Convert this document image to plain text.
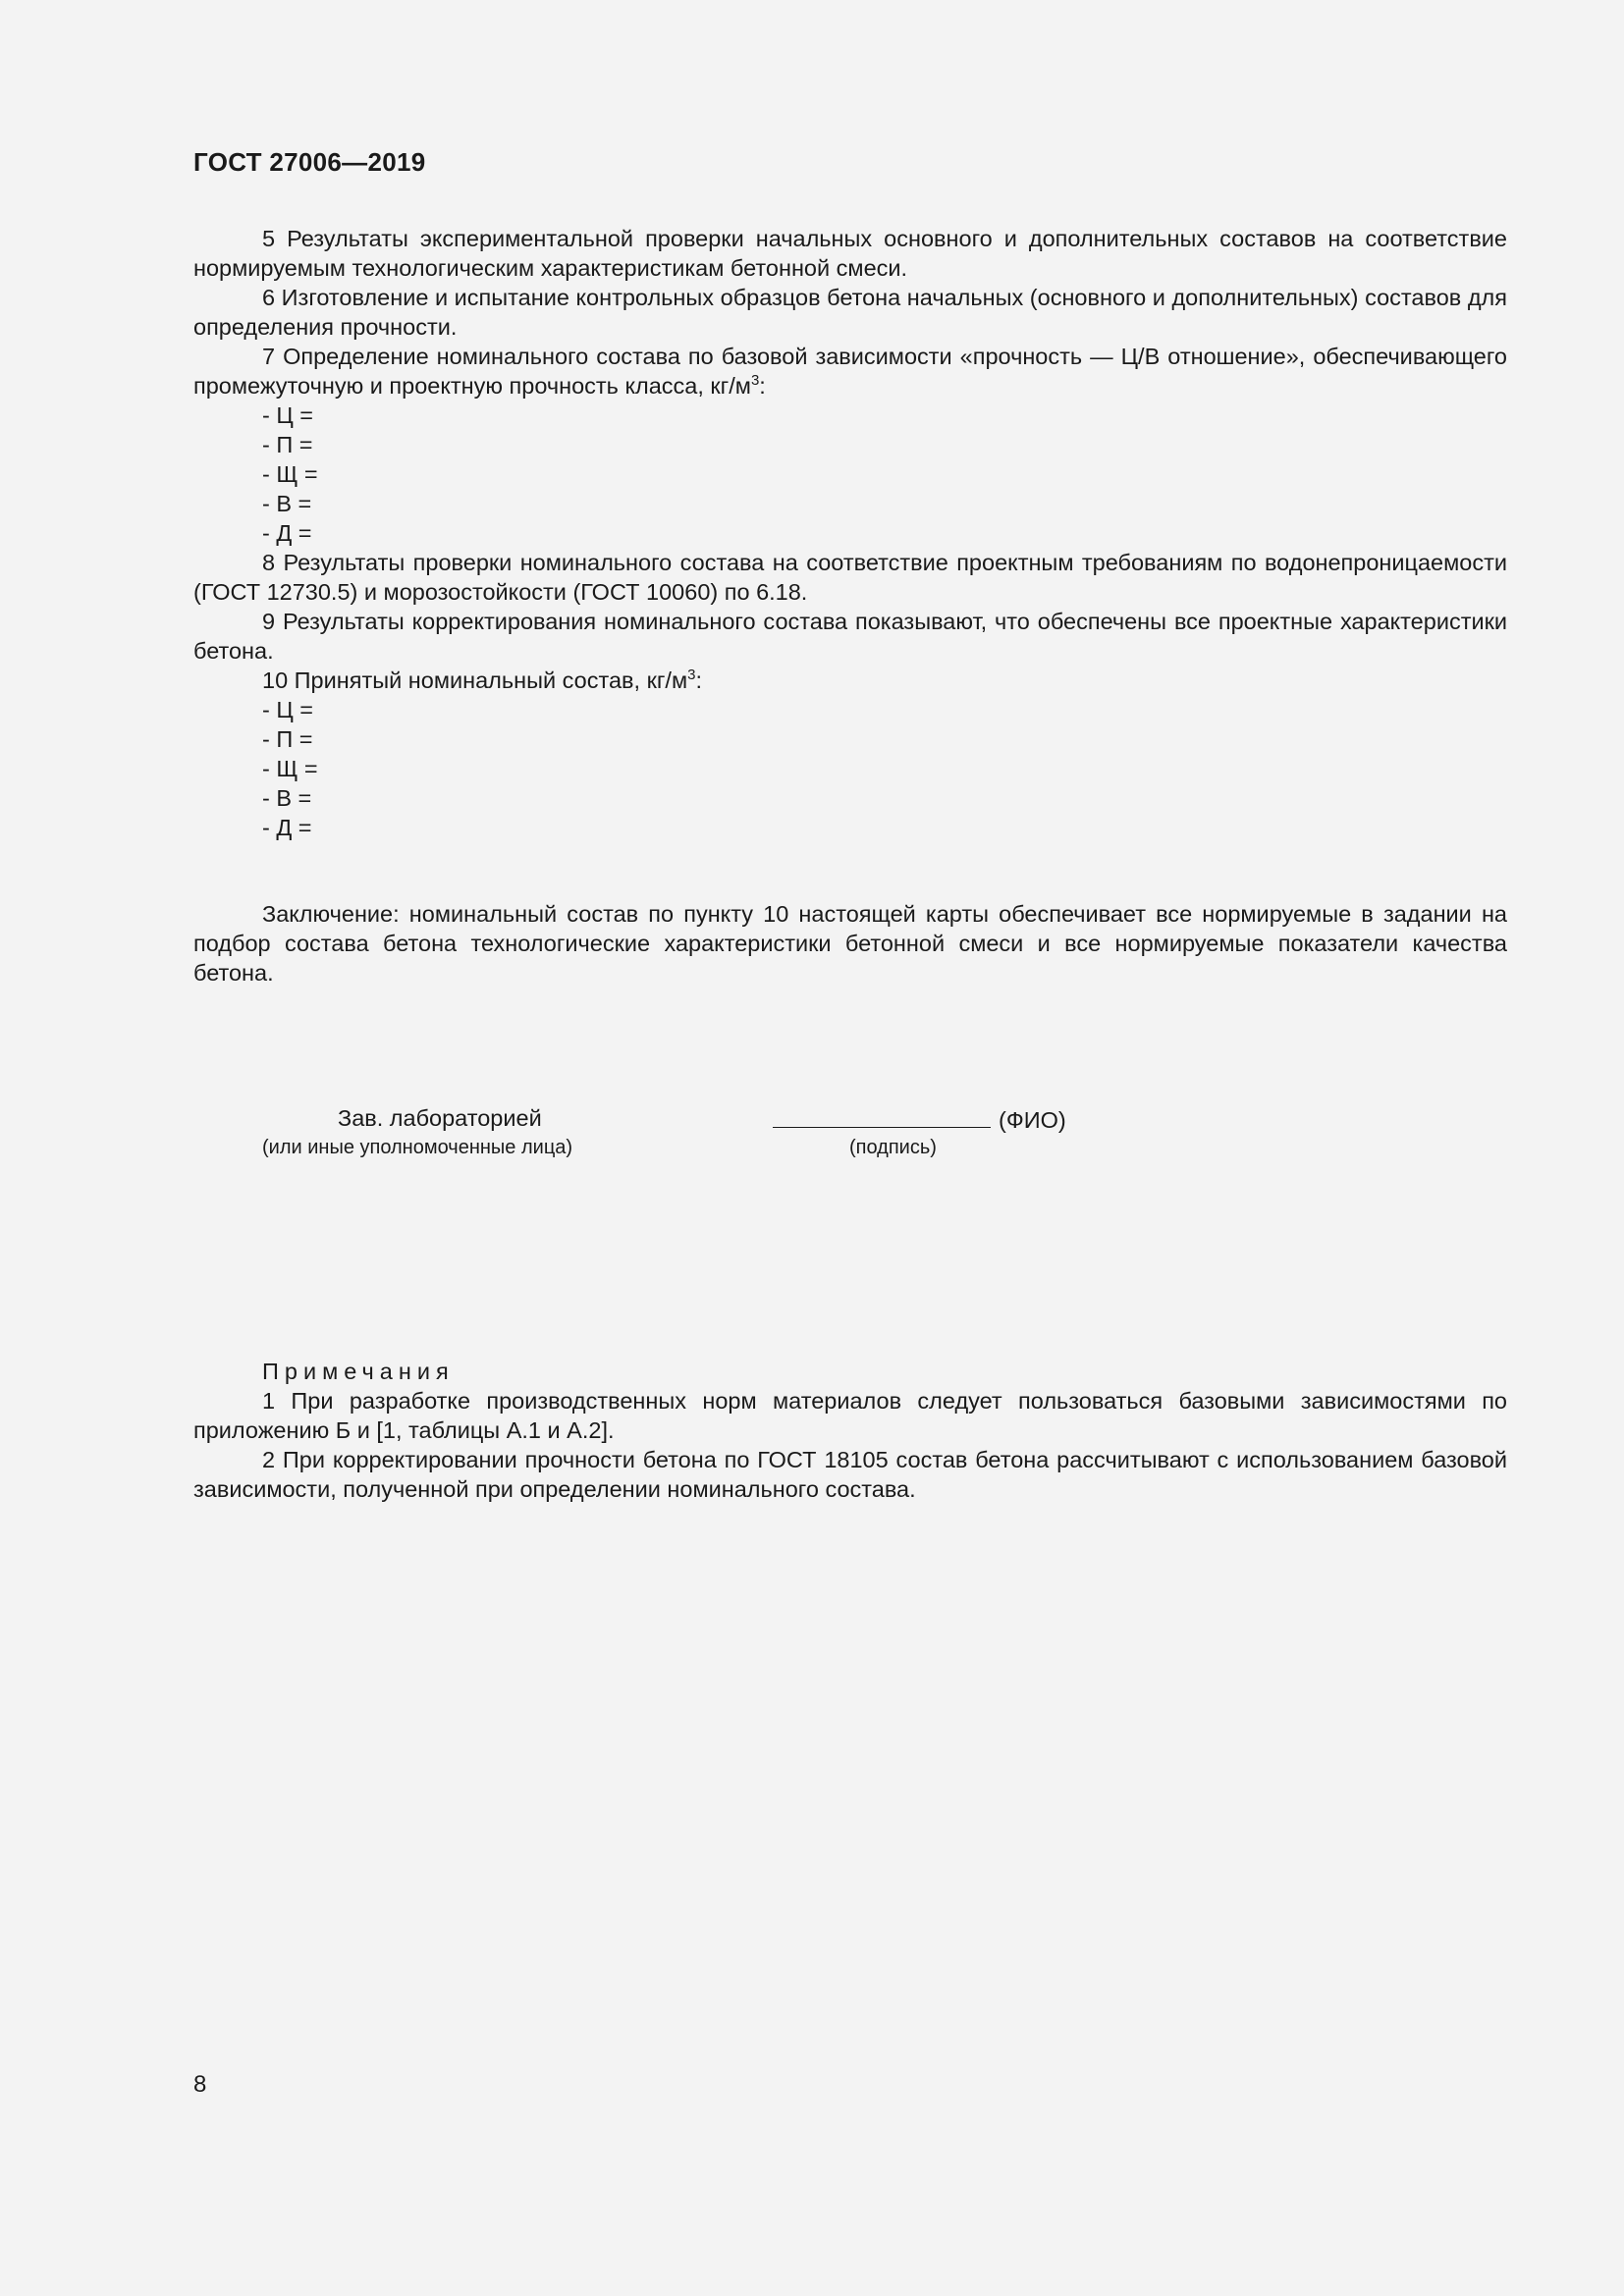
ГОСТ 27006—2019

5 Результаты экспериментальной проверки начальных основного и дополнительных составов на соответствие нормируемым технологическим характеристикам бетонной смеси.

6 Изготовление и испытание контрольных образцов бетона начальных (основного и дополнительных) составов для определения прочности.

7 Определение номинального состава по базовой зависимости «прочность — Ц/В отношение», обеспечивающего промежуточную и проектную прочность класса, $кг/м^3$:

- Ц =

- П =

- Щ =

- В =

- Д =

8 Результаты проверки номинального состава на соответствие проектным требованиям по водонепроницаемости (ГОСТ 12730.5) и морозостойкости (ГОСТ 10060) по 6.18.

9 Результаты корректирования номинального состава показывают, что обеспечены все проектные характеристики бетона.

10 Принятый номинальный состав, $кг/м^3$:

- Ц =

- П =

- Щ =

- В =

- Д =

Заключение: номинальный состав по пункту 10 настоящей карты обеспечивает все нормируемые в задании на подбор состава бетона технологические характеристики бетонной смеси и все нормируемые показатели качества бетона.

Зав. лабораторией	(ФИО)
(или иные уполномоченные лица)	(подпись)

Примечания

1 При разработке производственных норм материалов следует пользоваться базовыми зависимостями по приложению Б и [1, таблицы А.1 и А.2].

2 При корректировании прочности бетона по ГОСТ 18105 состав бетона рассчитывают с использованием базовой зависимости, полученной при определении номинального состава.

8
